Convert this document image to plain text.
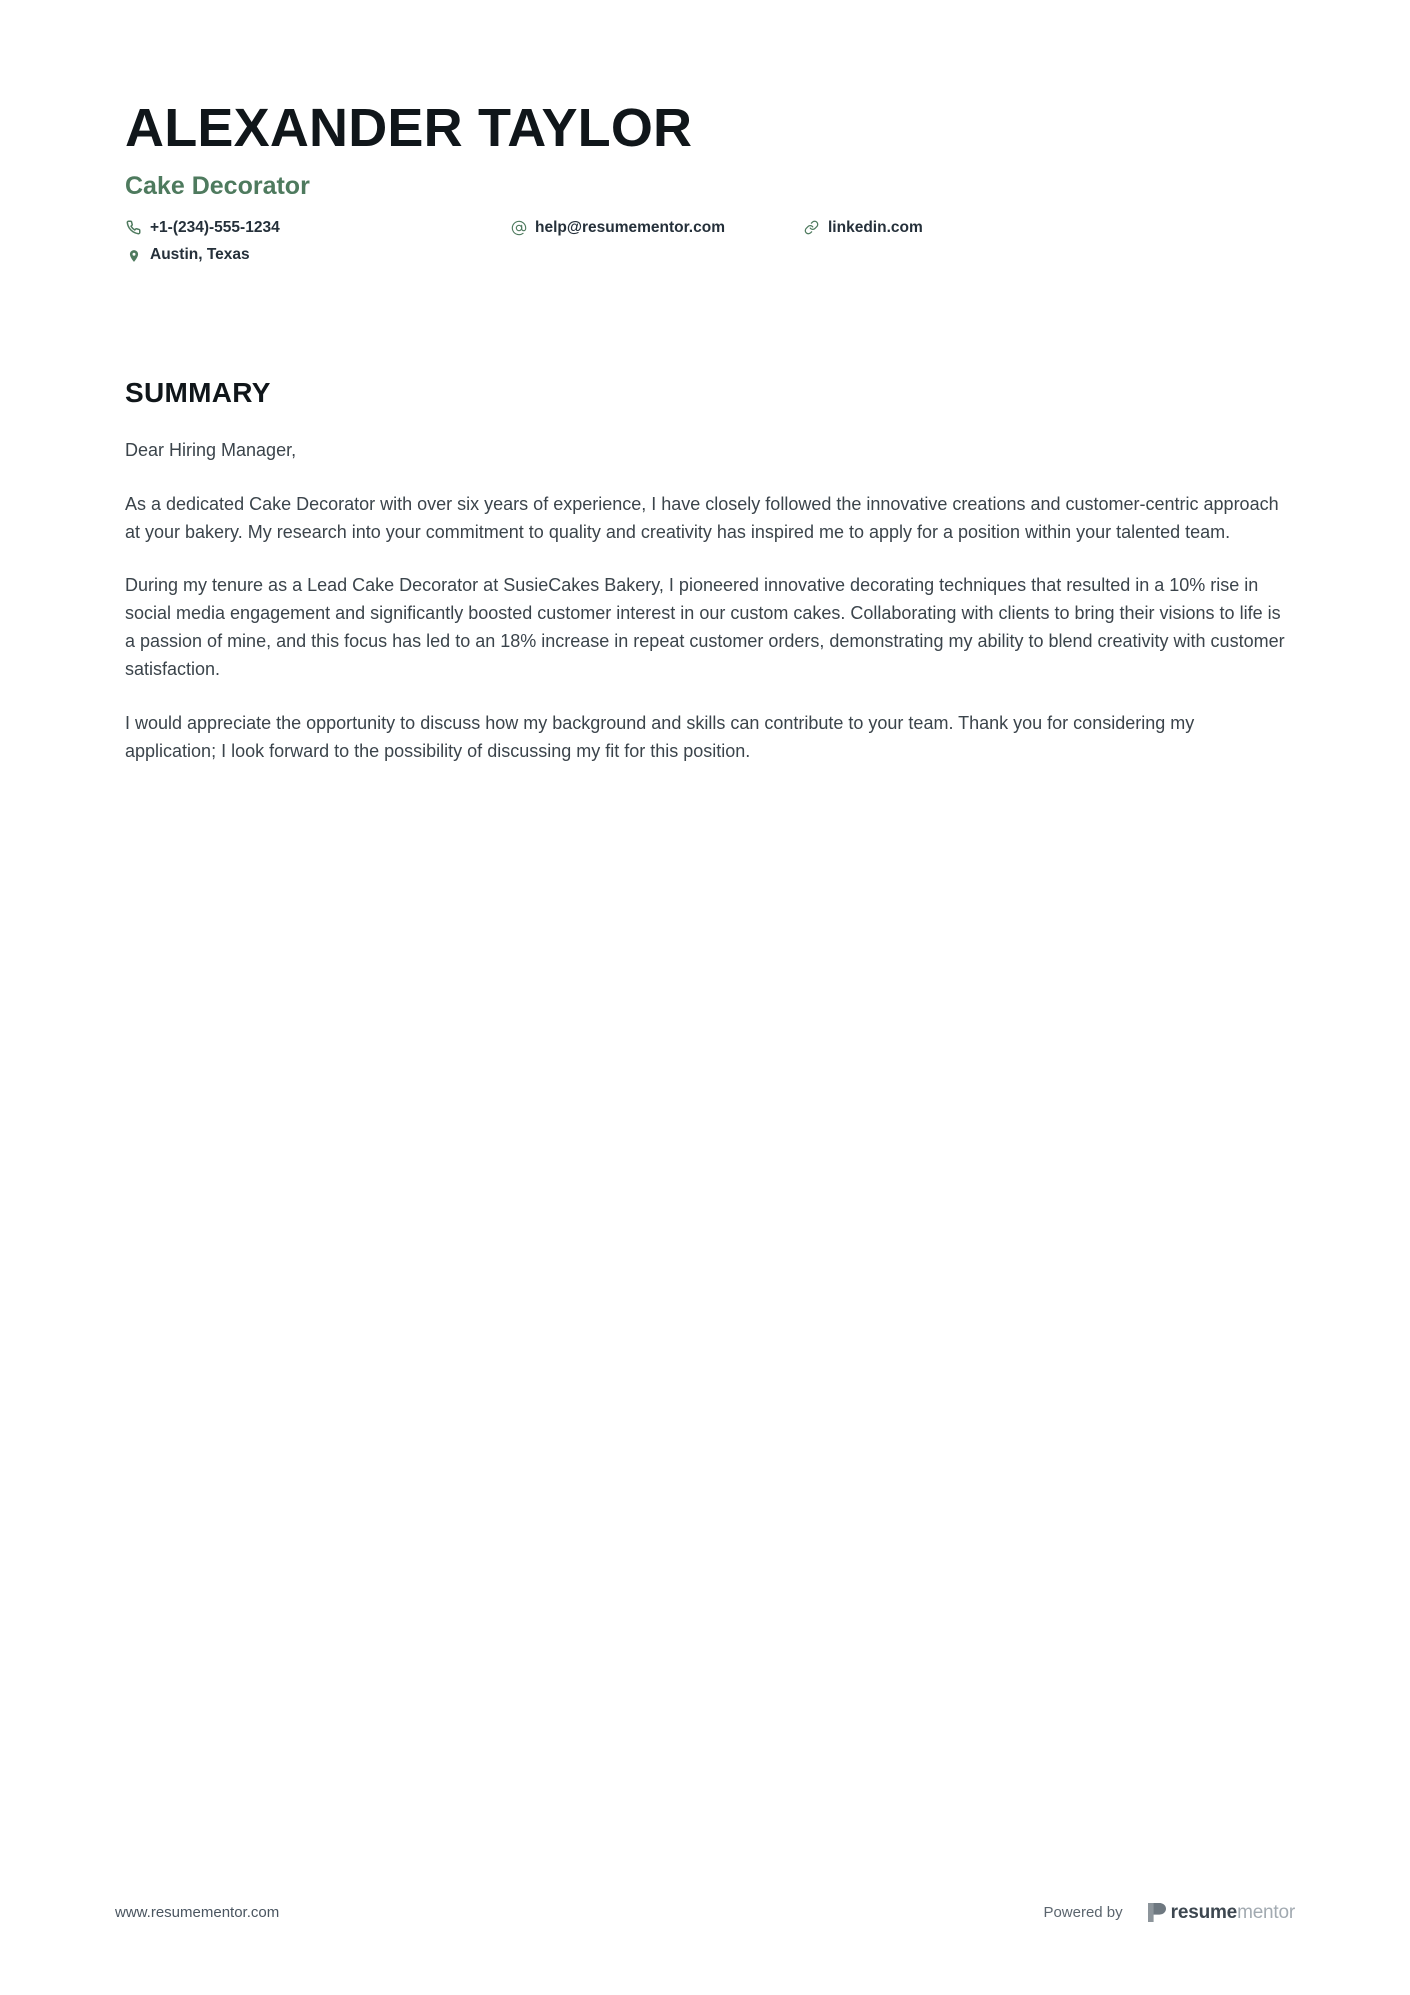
ALEXANDER TAYLOR
Cake Decorator
+1-(234)-555-1234	help@resumementor.com	linkedin.com
Austin, Texas
SUMMARY

Dear Hiring Manager,

As a dedicated Cake Decorator with over six years of experience, I have closely followed the innovative creations and customer-centric approach at your bakery. My research into your commitment to quality and creativity has inspired me to apply for a position within your talented team.

During my tenure as a Lead Cake Decorator at SusieCakes Bakery, I pioneered innovative decorating techniques that resulted in a 10% rise in social media engagement and significantly boosted customer interest in our custom cakes. Collaborating with clients to bring their visions to life is a passion of mine, and this focus has led to an 18% increase in repeat customer orders, demonstrating my ability to blend creativity with customer satisfaction.

I would appreciate the opportunity to discuss how my background and skills can contribute to your team. Thank you for considering my application; I look forward to the possibility of discussing my fit for this position.

www.resumementor.com	Powered by	resumementor
